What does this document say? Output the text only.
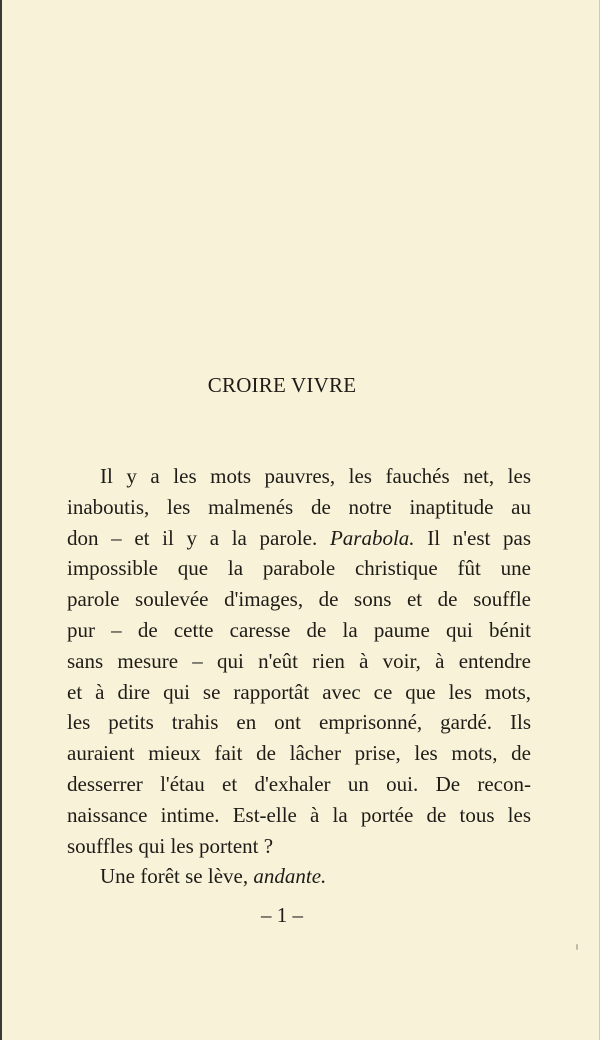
CROIRE VIVRE
Il y a les mots pauvres, les fauchés net, les
inaboutis, les malmenés de notre inaptitude au
don – et il y a la parole. Parabola. Il n'est pas
impossible que la parabole christique fût une
parole soulevée d'images, de sons et de souffle
pur – de cette caresse de la paume qui bénit
sans mesure – qui n'eût rien à voir, à entendre
et à dire qui se rapportât avec ce que les mots,
les petits trahis en ont emprisonné, gardé. Ils
auraient mieux fait de lâcher prise, les mots, de
desserrer l'étau et d'exhaler un oui. De recon-
naissance intime. Est-elle à la portée de tous les
souffles qui les portent ?
Une forêt se lève, andante.
– 1 –
